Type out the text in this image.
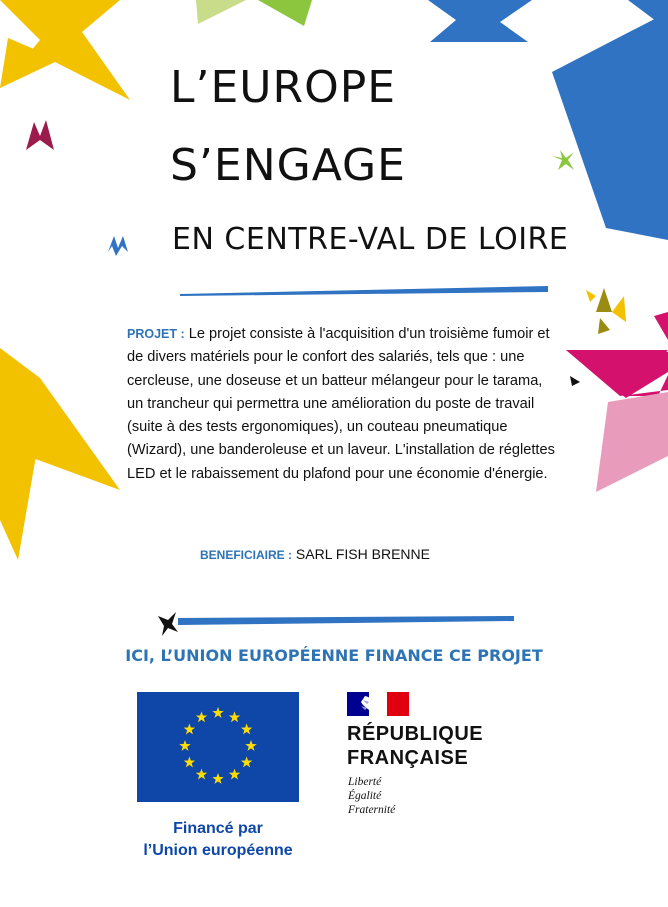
L’EUROPE
S’ENGAGE
EN CENTRE-VAL DE LOIRE
PROJET : Le projet consiste à l'acquisition d'un troisième fumoir et de divers matériels pour le confort des salariés, tels que : une cercleuse, une doseuse et un batteur mélangeur pour le tarama, un trancheur qui permettra une amélioration du poste de travail (suite à des tests ergonomiques), un couteau pneumatique (Wizard), une banderoleuse et un laveur. L'installation de réglettes LED et le rabaissement du plafond pour une économie d'énergie.
BENEFICIAIRE : SARL FISH BRENNE
ICI, L’UNION EUROPÉENNE FINANCE CE PROJET
Financé par
l’Union européenne
RÉPUBLIQUE
FRANÇAISE
Liberté
Égalité
Fraternité
